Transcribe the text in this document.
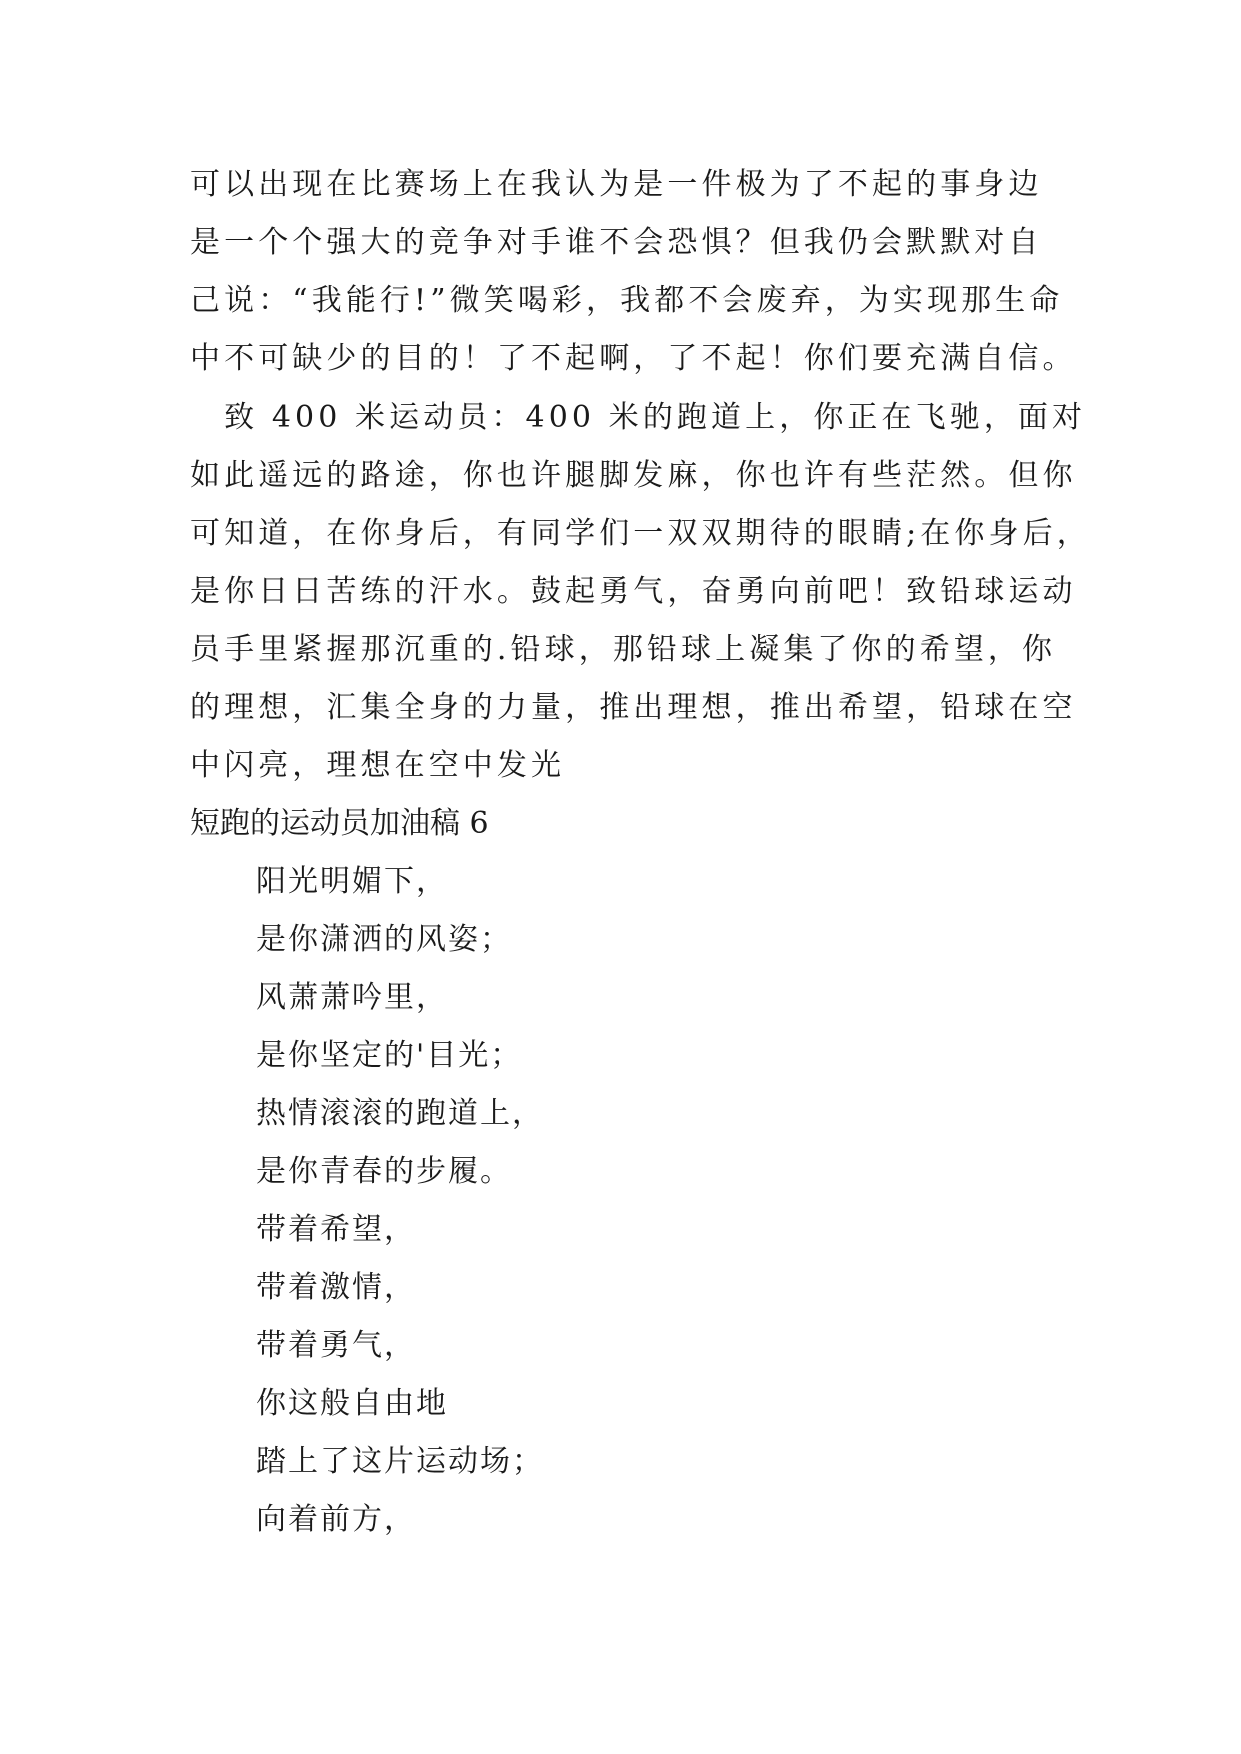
可以出现在比赛场上在我认为是一件极为了不起的事身边
是一个个强大的竞争对手谁不会恐惧？但我仍会默默对自
己说：“我能行!”微笑喝彩，我都不会废弃，为实现那生命
中不可缺少的目的！了不起啊，了不起！你们要充满自信。
　致 400 米运动员：400 米的跑道上，你正在飞驰，面对
如此遥远的路途，你也许腿脚发麻，你也许有些茫然。但你
可知道，在你身后，有同学们一双双期待的眼睛;在你身后，
是你日日苦练的汗水。鼓起勇气，奋勇向前吧！致铅球运动
员手里紧握那沉重的.铅球，那铅球上凝集了你的希望，你
的理想，汇集全身的力量，推出理想，推出希望，铅球在空
中闪亮，理想在空中发光
短跑的运动员加油稿 6
阳光明媚下，
是你潇洒的风姿；
风萧萧吟里，
是你坚定的'目光；
热情滚滚的跑道上，
是你青春的步履。
带着希望，
带着激情，
带着勇气，
你这般自由地
踏上了这片运动场；
向着前方，
